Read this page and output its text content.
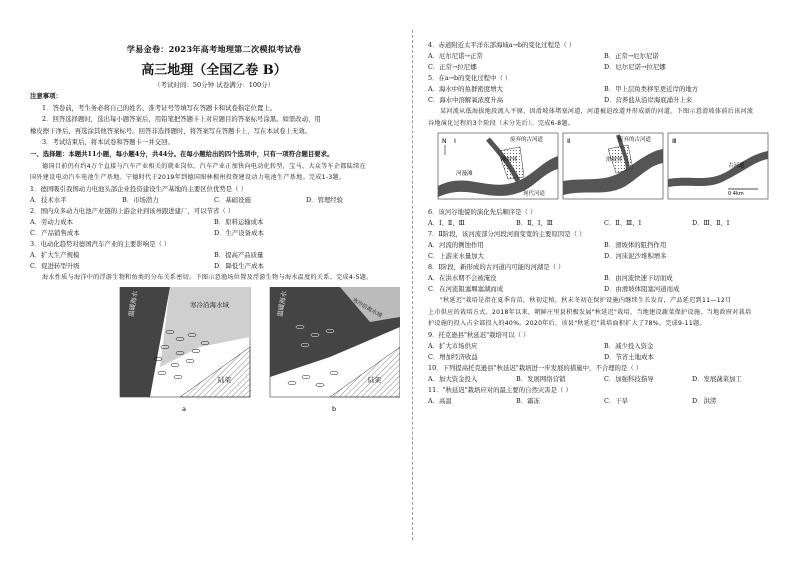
学易金卷：2023年高考地理第二次模拟考试卷
高三地理（全国乙卷 B）
（考试时间：50分钟 试卷满分：100分）

注意事项：

1．答卷前，考生务必将自己的姓名、准考证号等填写在答题卡和试卷指定位置上。

2．回答选择题时，选出每小题答案后，用铅笔把答题卡上对应题目的答案标号涂黑。如需改动，用

橡皮擦干净后，再选涂其他答案标号。回答非选择题时，将答案写在答题卡上，写在本试卷上无效。

3．考试结束后，将本试卷和答题卡一并交回。

一、选择题：本题共11小题，每小题4分，共44分。在每小题给出的四个选项中，只有一项符合题目要求。

德国目前仍有约4万个直接与汽车产业相关的就业岗位。汽车产业正加快向电动化转型，宝马、大众等车企都陆续在

国外建设电动汽车电池生产基地。宁德时代于2019年到德国图林根州投资建设动力电池生产基地。完成1-3题。

1．德国吸引我国动力电池头部企业投资建设生产基地的主要区位优势是（ ）

A．技术水平	B．市场潜力	C．基础设施	D．管理经验

2．国内众多动力电池产业链的上游企业到该州跟进建厂，可以节省（ ）

A．劳动力成本	B．原料运输成本
C．产品销售成本	D．生产设备成本

3．电动化趋势对德国汽车产业的主要影响是（ ）

A．扩大生产规模	B．提高产品质量
C．促进转型升级	D．降低生产成本

海水性质与海洋中的浮游生物和鱼类的分布关系密切。下图示意渔场位置及浮游生物与海水温度的关系。完成4-5题。

温暖海水	寒冷沿海水域
陆架
a
温暖海水	寒冷沿海水域
陆架
b

4．赤道附近太平洋东部海域a→b的变化过程是（ ）

A．厄尔尼诺→正常	B．正常→厄尔尼诺
C．正常→拉尼娜	D．厄尔尼诺→拉尼娜

5．在a→b的变化过程中（ ）

A．海水中的鱼群密度增大	B．甲上层鱼类移至更近岸的地方
C．海水中溶解氧浓度升高	D．营养盐从沿岸海底涌升上来

某河流从低海拔地段流入平原，因滑坡体堵塞河道，河道被迫改道并形成新的河道。下图示意滑坡体前后该河流

谷地演化过程的3个阶段（未分先后）。完成6-8题。

N Ⅰ	废弃的古河道
滑坡体
河漫滩
现代河道
Ⅱ	废弃的古河道
滑坡体
Ⅲ
古河道
0 4km

6．该河谷地貌的演化先后顺序是（ ）

A．Ⅰ、Ⅱ、Ⅲ	B．Ⅱ、Ⅰ、Ⅲ	C．Ⅱ、Ⅲ、Ⅰ	D．Ⅲ、Ⅱ、Ⅰ

7．Ⅱ阶段，该河流部分河段河面变宽的主要原因是（ ）

A．河流的侧蚀作用	B．滑坡体的阻挡作用
C．上游来水量加大	D．河床泥沙堆积增多

8．Ⅰ阶段，新形成的古河道内可能的河湖是（ ）

A．在洪水期不会被淹没	B．由河流快速下切而成
C．在河流阻塞堰塞湖而成	D．由滑坡体阻塞河道而成

"秋延迟"栽培是指在夏季育苗，秋初定植，秋末冬初在保护设施内继续生长发育，产品延迟到11—12月

上市供应的栽培方式。2018年以来，朝鲜庄里县积极发展"秋延迟"栽培，当地建设蔬菜保护设施，当地政府对栽培

护设施的投入占全部投入的40%。2020年后，该县"秋延迟"栽培面积扩大了78%。完成9-11题。

9．托克逊县"秋延迟"栽培可以（ ）

A．扩大市场供应	B．减少投入资金
C．增加经济收益	D．节省土地成本

10．下列提高托克逊县"秋延迟"栽培进一步发展的措施中，不合理的是（ ）

A．加大资金投入	B．发展网络营销	C．加强科技指导	D．发展蔬菜加工

11．"秋延迟"栽培应对的最主要的自然灾害是（ ）

A．高温	B．霜冻	C．干旱	D．洪涝
